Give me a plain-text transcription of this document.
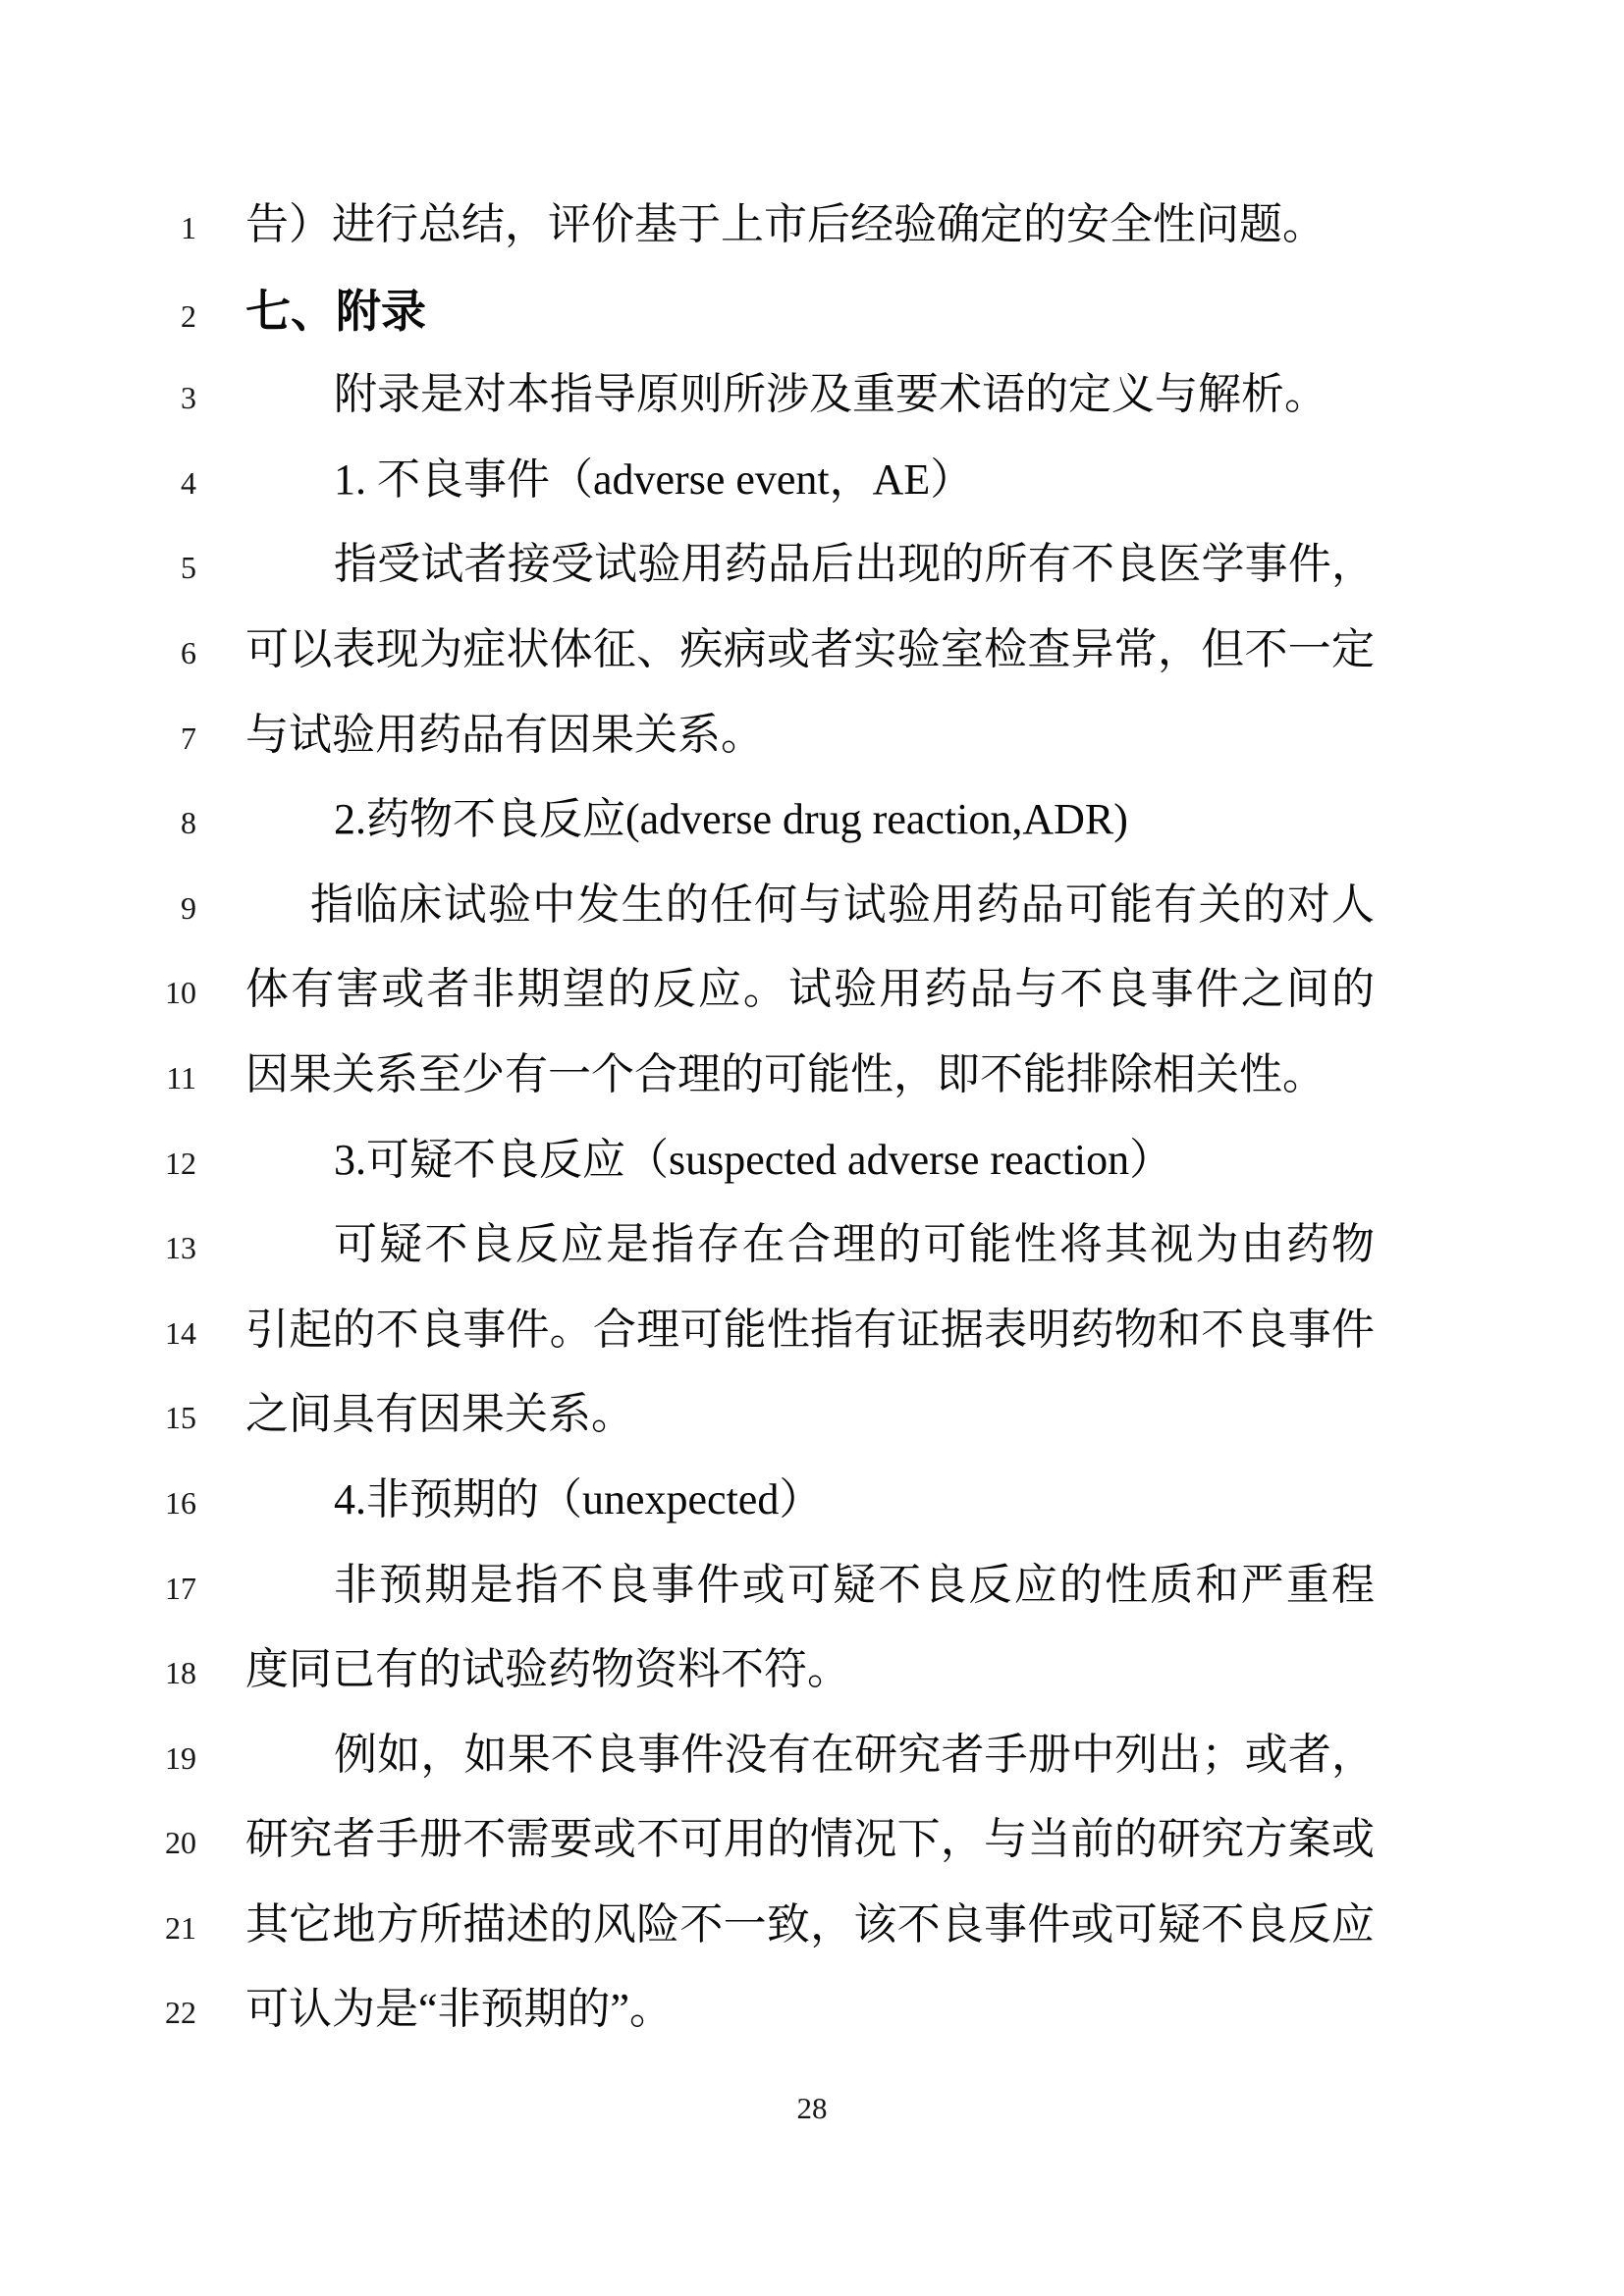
1 告）进行总结，评价基于上市后经验确定的安全性问题。
2 七、附录
3	附录是对本指导原则所涉及重要术语的定义与解析。
4	1. 不良事件（adverse event，AE）
5	指受试者接受试验用药品后出现的所有不良医学事件，
6 可以表现为症状体征、疾病或者实验室检查异常，但不一定
7 与试验用药品有因果关系。
8	2.药物不良反应(adverse drug reaction,ADR)
9	指临床试验中发生的任何与试验用药品可能有关的对人
10 体有害或者非期望的反应。试验用药品与不良事件之间的
11 因果关系至少有一个合理的可能性，即不能排除相关性。
12	3.可疑不良反应（suspected adverse reaction）
13	可疑不良反应是指存在合理的可能性将其视为由药物
14 引起的不良事件。合理可能性指有证据表明药物和不良事件
15 之间具有因果关系。
16	4.非预期的（unexpected）
17	非预期是指不良事件或可疑不良反应的性质和严重程
18 度同已有的试验药物资料不符。
19	例如，如果不良事件没有在研究者手册中列出；或者，
20 研究者手册不需要或不可用的情况下，与当前的研究方案或
21 其它地方所描述的风险不一致，该不良事件或可疑不良反应
22 可认为是“非预期的”。
28
